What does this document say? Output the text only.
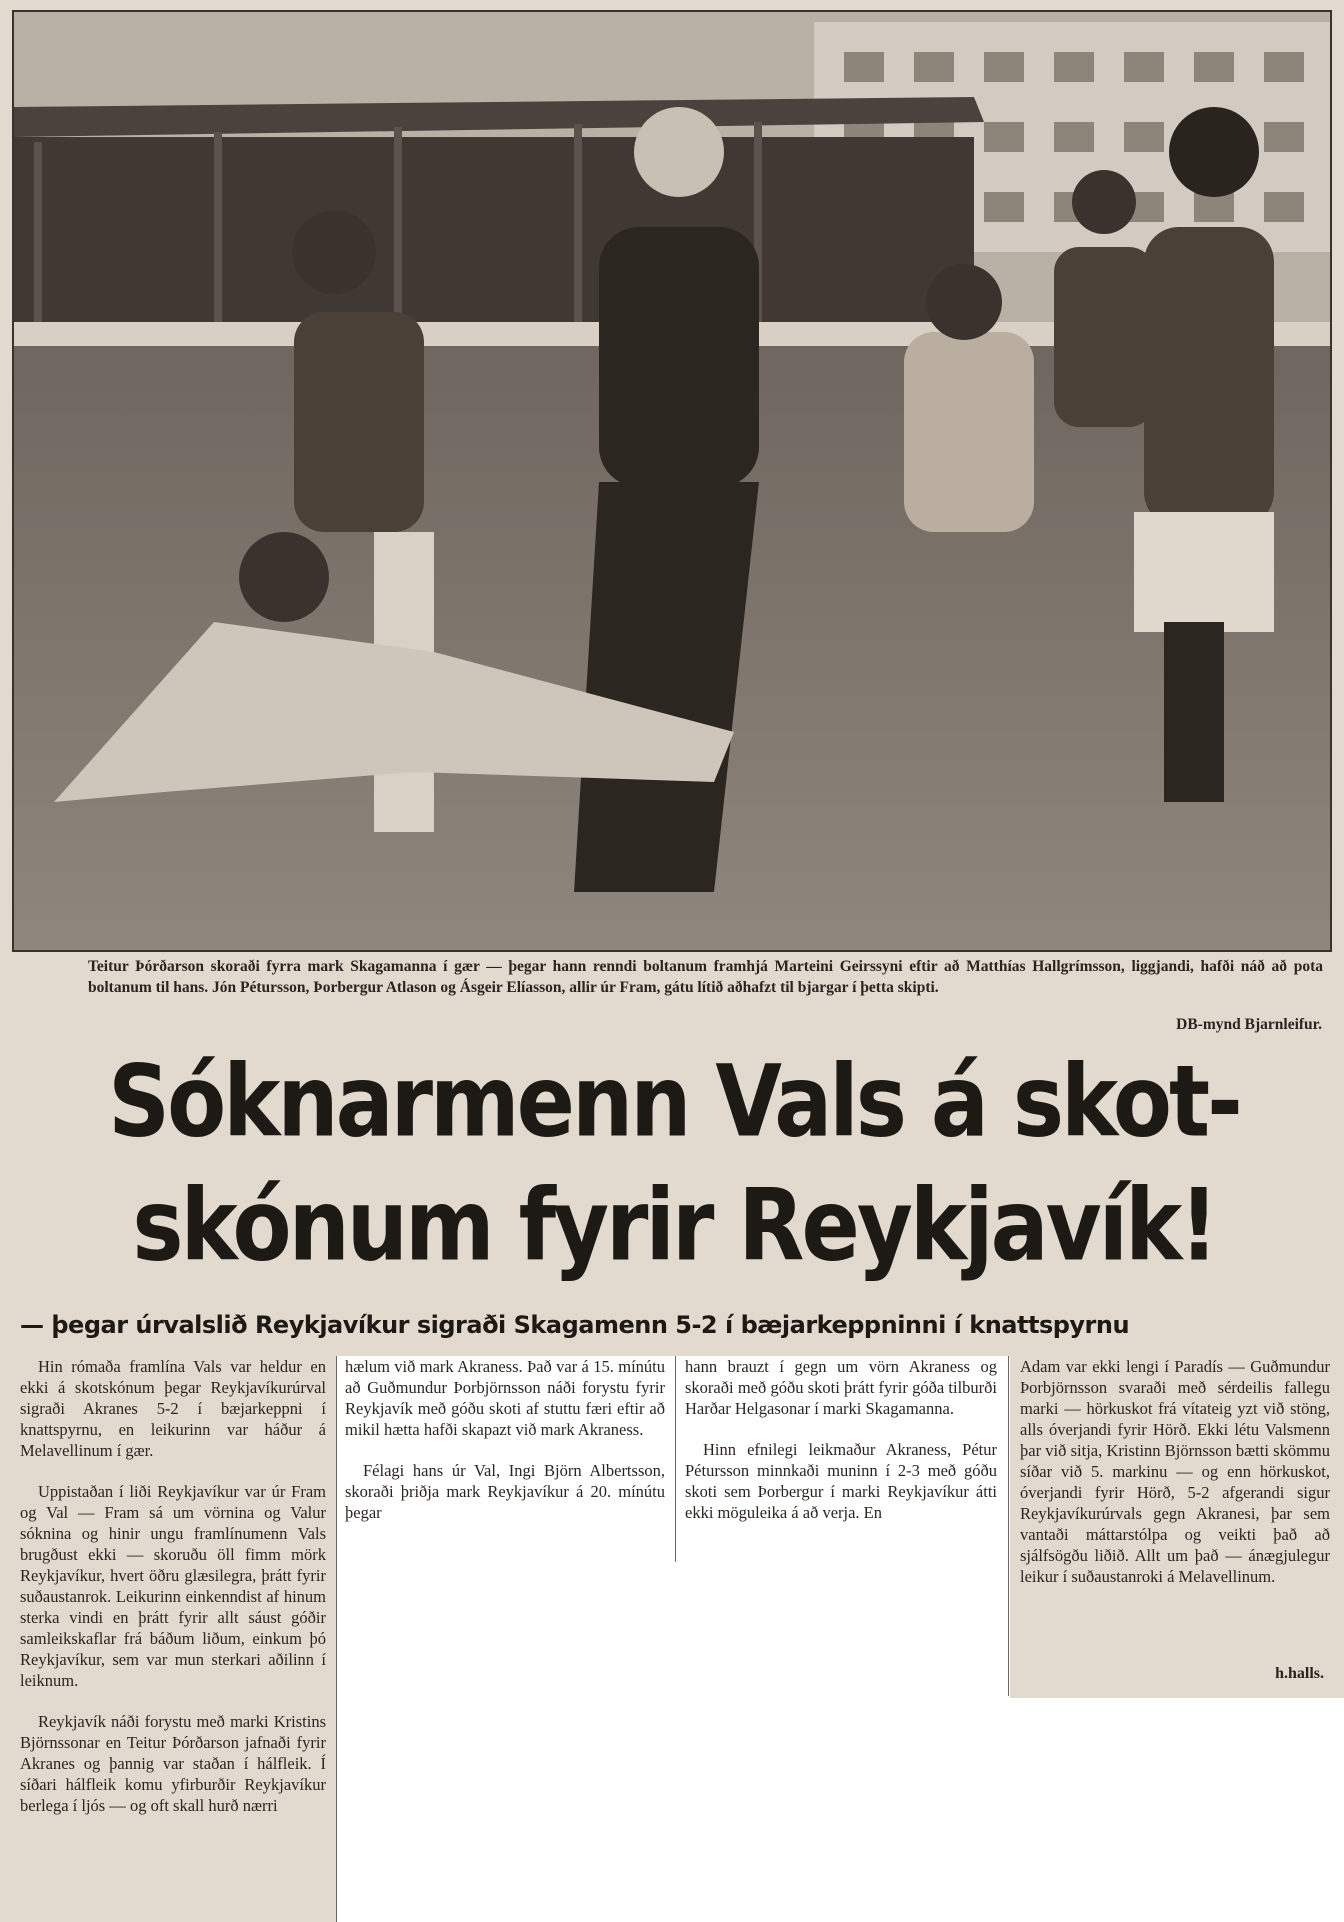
Teitur Þórðarson skoraði fyrra mark Skagamanna í gær — þegar hann renndi boltanum framhjá Marteini Geirssyni eftir að Matthías Hallgrímsson, liggjandi, hafði náð að pota boltanum til hans. Jón Pétursson, Þorbergur Atlason og Ásgeir Elíasson, allir úr Fram, gátu lítið aðhafzt til bjargar í þetta skipti.

DB-mynd Bjarnleifur.
Sóknarmenn Vals á skot-
skónum fyrir Reykjavík!
— þegar úrvalslið Reykjavíkur sigraði Skagamenn 5-2 í bæjarkeppninni í knattspyrnu

Hin rómaða framlína Vals var heldur en ekki á skotskónum þegar Reykjavíkurúrval sigraði Akranes 5-2 í bæjarkeppni í knattspyrnu, en leikurinn var háður á Melavellinum í gær.

Uppistaðan í liði Reykjavíkur var úr Fram og Val — Fram sá um vörnina og Valur sóknina og hinir ungu framlínumenn Vals brugðust ekki — skoruðu öll fimm mörk Reykjavíkur, hvert öðru glæsilegra, þrátt fyrir suðaustanrok. Leikurinn einkenndist af hinum sterka vindi en þrátt fyrir allt sáust góðir samleikskaflar frá báðum liðum, einkum þó Reykjavíkur, sem var mun sterkari aðilinn í leiknum.

Reykjavík náði forystu með marki Kristins Björnssonar en Teitur Þórðarson jafnaði fyrir Akranes og þannig var staðan í hálfleik. Í síðari hálfleik komu yfirburðir Reykjavíkur berlega í ljós — og oft skall hurð nærri

hælum við mark Akraness. Það var á 15. mínútu að Guðmundur Þorbjörnsson náði forystu fyrir Reykjavík með góðu skoti af stuttu færi eftir að mikil hætta hafði skapazt við mark Akraness.

Félagi hans úr Val, Ingi Björn Albertsson, skoraði þriðja mark Reykjavíkur á 20. mínútu þegar

hann brauzt í gegn um vörn Akraness og skoraði með góðu skoti þrátt fyrir góða tilburði Harðar Helgasonar í marki Skagamanna.

Hinn efnilegi leikmaður Akraness, Pétur Pétursson minnkaði muninn í 2-3 með góðu skoti sem Þorbergur í marki Reykjavíkur átti ekki möguleika á að verja. En

Adam var ekki lengi í Paradís — Guðmundur Þorbjörnsson svaraði með sérdeilis fallegu marki — hörkuskot frá vítateig yzt við stöng, alls óverjandi fyrir Hörð. Ekki létu Valsmenn þar við sitja, Kristinn Björnsson bætti skömmu síðar við 5. markinu — og enn hörkuskot, óverjandi fyrir Hörð, 5-2 afgerandi sigur Reykjavíkurúrvals gegn Akranesi, þar sem vantaði máttarstólpa og veikti það að sjálfsögðu liðið. Allt um það — ánægjulegur leikur í suðaustanroki á Melavellinum.

h.halls.
